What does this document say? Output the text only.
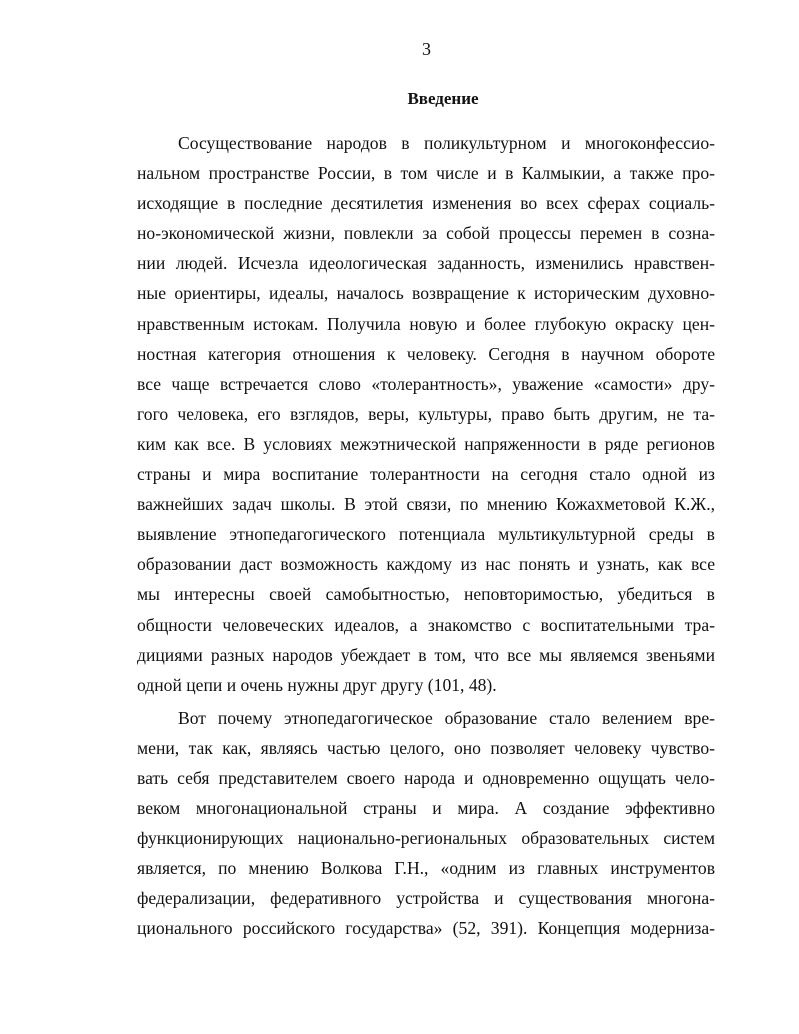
3
Введение
Сосуществование народов в поликультурном и многоконфессио-
нальном пространстве России, в том числе и в Калмыкии, а также про-
исходящие в последние десятилетия изменения во всех сферах социаль-
но-экономической жизни, повлекли за собой процессы перемен в созна-
нии людей. Исчезла идеологическая заданность, изменились нравствен-
ные ориентиры, идеалы, началось возвращение к историческим духовно-
нравственным истокам. Получила новую и более глубокую окраску цен-
ностная категория отношения к человеку. Сегодня в научном обороте
все чаще встречается слово «толерантность», уважение «самости» дру-
гого человека, его взглядов, веры, культуры, право быть другим, не та-
ким как все. В условиях межэтнической напряженности в ряде регионов
страны и мира воспитание толерантности на сегодня стало одной из
важнейших задач школы. В этой связи, по мнению Кожахметовой К.Ж.,
выявление этнопедагогического потенциала мультикультурной среды в
образовании даст возможность каждому из нас понять и узнать, как все
мы интересны своей самобытностью, неповторимостью, убедиться в
общности человеческих идеалов, а знакомство с воспитательными тра-
дициями разных народов убеждает в том, что все мы являемся звеньями
одной цепи и очень нужны друг другу (101, 48).
Вот почему этнопедагогическое образование стало велением вре-
мени, так как, являясь частью целого, оно позволяет человеку чувство-
вать себя представителем своего народа и одновременно ощущать чело-
веком многонациональной страны и мира. А создание эффективно
функционирующих национально-региональных образовательных систем
является, по мнению Волкова Г.Н., «одним из главных инструментов
федерализации, федеративного устройства и существования многона-
ционального российского государства» (52, 391). Концепция модерниза-
